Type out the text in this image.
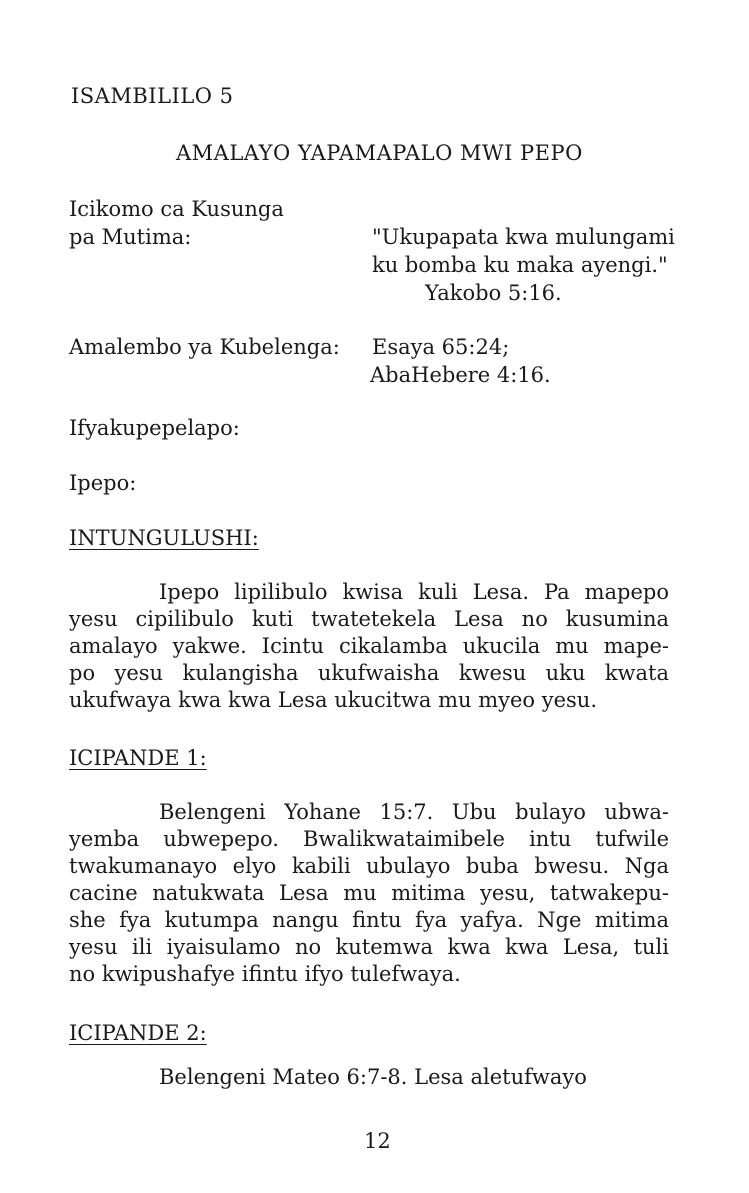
ISAMBILILO 5
AMALAYO YAPAMAPALO MWI PEPO
Icikomo ca Kusunga
pa Mutima:	"Ukupapata kwa mulungami
ku bomba ku maka ayengi."
Yakobo 5:16.
Amalembo ya Kubelenga: Esaya 65:24;
AbaHebere 4:16.
Ifyakupepelapo:
Ipepo:
INTUNGULUSHI:
Ipepo lipilibulo kwisa kuli Lesa. Pa mapepo
yesu cipilibulo kuti twatetekela Lesa no kusumina
amalayo yakwe. Icintu cikalamba ukucila mu mape-
po yesu kulangisha ukufwaisha kwesu uku kwata
ukufwaya kwa kwa Lesa ukucitwa mu myeo yesu.
ICIPANDE 1:
Belengeni Yohane 15:7. Ubu bulayo ubwa-
yemba ubwepepo. Bwalikwataimibele intu tufwile
twakumanayo elyo kabili ubulayo buba bwesu. Nga
cacine natukwata Lesa mu mitima yesu, tatwakepu-
she fya kutumpa nangu fintu fya yafya. Nge mitima
yesu ili iyaisulamo no kutemwa kwa kwa Lesa, tuli
no kwipushafye ifintu ifyo tulefwaya.
ICIPANDE 2:
Belengeni Mateo 6:7-8. Lesa aletufwayo
12
